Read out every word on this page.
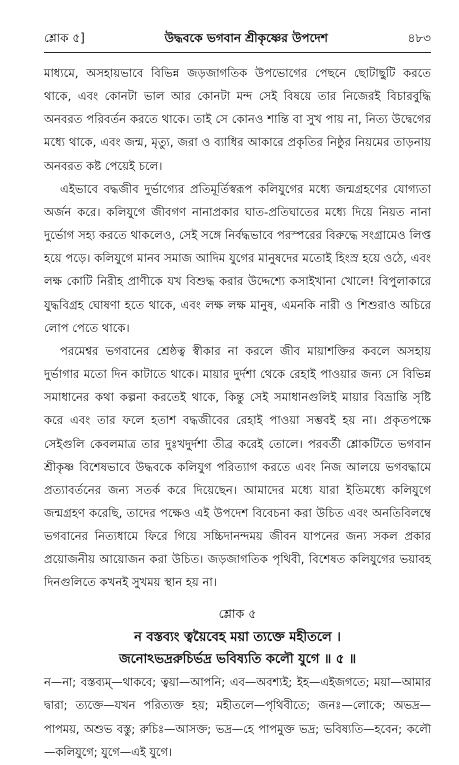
শ্লোক ৫]	উদ্ধবকে ভগবান শ্রীকৃষ্ণের উপদেশ	৪৮৩

মাধ্যমে, অসহায়ভাবে বিভিন্ন জড়জাগতিক উপভোগের পেছনে ছোটাছুটি করতে থাকে, এবং কোনটা ভাল আর কোনটা মন্দ সেই বিষয়ে তার নিজেরই বিচারবুদ্ধি অনবরত পরিবর্তন করতে থাকে। তাই সে কোনও শান্তি বা সুখ পায় না, নিত্য উদ্বেগের মধ্যে থাকে, এবং জন্ম, মৃত্যু, জরা ও ব্যাধির আকারে প্রকৃতির নিষ্ঠুর নিয়মের তাড়নায় অনবরত কষ্ট পেয়েই চলে।

এইভাবে বদ্ধজীব দুর্ভাগ্যের প্রতিমূর্তিস্বরূপ কলিযুগের মধ্যে জন্মগ্রহণের যোগ্যতা অর্জন করে। কলিযুগে জীবগণ নানাপ্রকার ঘাত-প্রতিঘাতের মধ্যে দিয়ে নিয়ত নানা দুর্ভোগ সহ্য করতে থাকলেও, সেই সঙ্গে নির্বদ্ধভাবে পরস্পরের বিরুদ্ধে সংগ্রামেও লিপ্ত হয়ে পড়ে। কলিযুগে মানব সমাজ আদিম যুগের মানুষদের মতোই হিংস্র হয়ে ওঠে, এবং লক্ষ কোটি নিরীহ প্রাণীকে যখ বিশুদ্ধ করার উদ্দেশ্যে কসাইখানা খোলে! বিপুলাকারে যুদ্ধবিগ্রহ ঘোষণা হতে থাকে, এবং লক্ষ লক্ষ মানুষ, এমনকি নারী ও শিশুরাও অচিরে লোপ পেতে থাকে।

পরমেশ্বর ভগবানের শ্রেষ্ঠত্ব স্বীকার না করলে জীব মায়াশক্তির কবলে অসহায় দুর্ভাগার মতো দিন কাটাতে থাকে। মায়ার দুর্দশা থেকে রেহাই পাওয়ার জন্য সে বিভিন্ন সমাধানের কথা কল্পনা করতেই থাকে, কিন্তু সেই সমাধানগুলিই মায়ার বিভ্রান্তি সৃষ্টি করে এবং তার ফলে হতাশ বদ্ধজীবের রেহাই পাওয়া সম্ভবই হয় না। প্রকৃতপক্ষে সেইগুলি কেবলমাত্র তার দুঃখদুর্দশা তীব্র করেই তোলে। পরবর্তী শ্লোকটিতে ভগবান শ্রীকৃষ্ণ বিশেষভাবে উদ্ধবকে কলিযুগ পরিত্যাগ করতে এবং নিজ আলয়ে ভগবদ্ধামে প্রত্যাবর্তনের জন্য সতর্ক করে দিয়েছেন। আমাদের মধ্যে যারা ইতিমধ্যে কলিযুগে জন্মগ্রহণ করেছি, তাদের পক্ষেও এই উপদেশ বিবেচনা করা উচিত এবং অনতিবিলম্বে ভগবানের নিত্যধামে ফিরে গিয়ে সচ্চিদানন্দময় জীবন যাপনের জন্য সকল প্রকার প্রয়োজনীয় আয়োজন করা উচিত। জড়জাগতিক পৃথিবী, বিশেষত কলিযুগের ভয়াবহ দিনগুলিতে কখনই সুখময় স্থান হয় না।

শ্লোক ৫
ন বস্তব্যং ত্বয়ৈবেহ ময়া ত্যক্তে মহীতলে ।
জনোঽভদ্ররুচির্ভদ্র ভবিষ্যতি কলৌ যুগে ॥ ৫ ॥

ন—না; বস্তব্যম্—থাকবে; ত্বয়া—আপনি; এব—অবশ্যই; ইহ—এইজগতে; ময়া—আমার দ্বারা; ত্যক্তে—যখন পরিত্যক্ত হয়; মহীতলে—পৃথিবীতে; জনঃ—লোকে; অভদ্র—পাপময়, অশুভ বস্তু; রুচিঃ—আসক্ত; ভদ্র—হে পাপমুক্ত ভদ্র; ভবিষ্যতি—হবেন; কলৌ—কলিযুগে; যুগে—এই যুগে।
